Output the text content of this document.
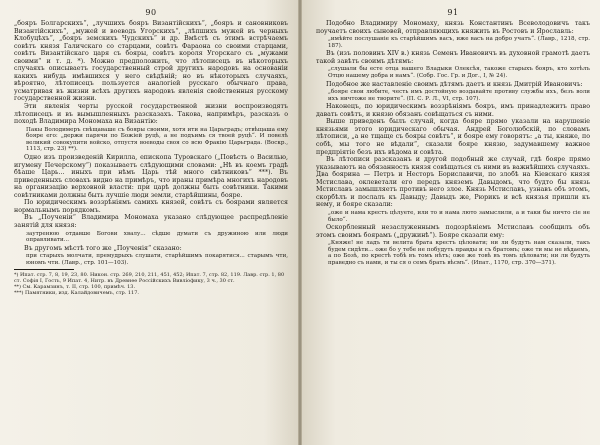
90

„бояръ Болгарскихъ“, „лучшихъ бояръ Византійскихъ“, „бояръ и сановниковъ Византійскихъ“, „мужей и воеводъ Угорскихъ“, „лѣпшихъ мужей въ черныхъ Клобуцѣхъ“, „бояръ земскихъ Чудскихъ“ и др. Вмѣстѣ съ этимъ встрѣчаемъ совѣтъ князя Галичскаго со старцами, совѣтъ Фараона со своими старцами, совѣтъ Византійскаго царя съ бояры, совѣтъ короля Угорскаго съ „мужами своими“ и т. д. *). Можно предположить, что лѣтописецъ въ нѣкоторыхъ случаяхъ описываетъ государственный строй другихъ народовъ на основаніи какихъ нибудь имѣвшихся у него свѣдѣній; но въ нѣкоторыхъ случаяхъ, вѣроятно, лѣтописецъ пользуется аналогіей русскаго обычнаго права, усматривая въ жизни всѣхъ другихъ народовъ явленія свойственныя русскому государственной жизни.

Эти явленія черты русской государственной жизни воспроизводятъ лѣтописецъ и въ вымышленныхъ разсказахъ. Такова, напримѣръ, разсказъ о походѣ Владимира Мономаха на Византію:

Пакы Володимеръ свѣщаваше съ бояры своими, хотя ити на Царьградъ; отвѣщаша ему бояре его: „держи парячи по Божіей руцѣ, а не подъимь ся твоей руцѣ“. И повелѣ великий совокупити войско, отпустя воеводы своя со всю Фракію Царьграда. (Воскр., 1113, стр. 23) **).

Одно изъ произведеній Кирилла, епископа Туровскаго („Повѣсть о Василью, игумену Печерскому“) показываетъ слѣдующими словами: „Нѣ въ коемъ градѣ бѣаше Царь... иныхъ при нѣмъ Царь тѣй много свѣтниковъ“ ***). Въ приведенныхъ словахъ видно на примѣръ, что ираны примѣра многихъ народовъ на организацію верховной власти: при царѣ должны быть совѣтники. Такими совѣтниками должны быть лучшіе люди земли, старѣйшины, бояре.

По юридическимъ воззрѣніямъ самихъ князей, совѣтъ съ боярами является нормальнымъ порядкомъ.

Въ „Поученіи“ Владимира Мономаха указано слѣдующее распредѣленіе занятій для князя:

заутренюю отдавше Богови хвалу... сѣдше думати съ дружиною или люди оправливати...

Въ другомъ мѣстѣ того же „Поученія“ сказано:

при старыхъ молчати, премудрыхъ слушати, старѣйшимъ покарятися... старымъ чти, юномъ чти. (Лавр., стр. 101—103).

*) Ипат. стр. 7, 8, 19, 23, 80. Никон. стр. 269, 210, 211, 451, 452; Ипат. 7, стр. 82, 119. Лавр. стр. 1, 80 ст. Софія І, Гость, 9 Ипат. 4, Нитр. въ Древнее Россійскихъ Вивліофику, 3 ч., 30 ст.

**) См. Карамзинъ, т. II, стр. 100, примѣч. 13.

***) Памятники, изд. Калайдовичемъ, стр. 117.

91

Подобно Владимиру Мономаху, князь Константинъ Всеволодовичъ такъ поучаетъ своихъ сыновей, отправляющихъ княжить въ Ростовъ и Ярославль:

„имѣйте послушаніе къ старѣйшимъ васъ, иже васъ на добро учатъ“. (Лавр., 1218, стр. 187).

Въ (изъ половинъ XIV в.) князь Семенъ Ивановичъ въ духовной грамотѣ даетъ такой завѣтъ своимъ дѣтямъ:

„слушали бы есте отца нашего Владыки Олексѣя, такоже старыхъ бояръ, кто хотѣлъ Отцю нашему добра и намъ“. (Собр. Гос. Гр. и Дог., I, № 24).

Подобное же наставленіе своимъ дѣтямъ даетъ и князь Дмитрій Ивановичъ:

„бояре свои любите, честь имъ достойную воздавайте противу службы ихъ, безъ воли ихъ ничтоже не творите“. (П. С. Р. Л., VI, стр. 107).

Наконецъ, по юридическимъ воззрѣніямъ бояръ, имъ принадлежитъ право давать совѣтъ, и князю обязанъ совѣщаться съ ними.

Выше приведенъ былъ случай, когда бояре прямо указали на нарушеніе князьями этого юридическаго обычая. Андрей Боголюбскій, по словамъ лѣтописи, „а не тщаще съ бояры совѣтъ“, и бояре ему говорятъ: „а ты, княже, по собѣ, мы того не вѣдали“, сказали бояре князю, задумавшему важное предпріятіе безъ ихъ вѣдома и совѣта.

Въ лѣтописи разсказанъ и другой подобный же случай, гдѣ бояре прямо указываютъ на обязанность князя совѣщаться съ ними въ важнѣйшихъ случаяхъ. Два боярина — Петръ и Несторъ Бориславичи, по злобѣ на Кіевскаго князя Мстислава, оклеветали его передъ княземъ Давыдомъ, что будто бы князь Мстиславъ замышляетъ противъ него злое. Князь Мстиславъ, узнавъ объ этомъ, скорбѣлъ и послалъ къ Давыду; Давыдъ же, Рюрикъ и всѣ князья пришли къ нему, и бояре сказали:

„оже и нама крестъ цѣлуете, или то и нама люто замыслили, а и таки бы ничто сіе не было“.

Оскорбленный незаслуженнымъ подозрѣніемъ Мстиславъ сообщилъ объ этомъ своимъ боярамъ („дружинѣ“). Бояре сказали ему:

„Княже! не ладъ ти велита брата крестъ цѣловати; ни ли будуть нам сказали, такъ будем сидѣти... оже бо у тебе не побудуть правды и съ братомъ; оже ти мы не вѣдаемъ, а по Бозѣ, по крестѣ тобѣ въ томъ нѣтъ; оже же товѣ въ томъ цѣловати; ни ли будуть праведно съ нами, и ты ся о семъ брать вѣсмъ“. (Ипат., 1170, стр. 370—371).
